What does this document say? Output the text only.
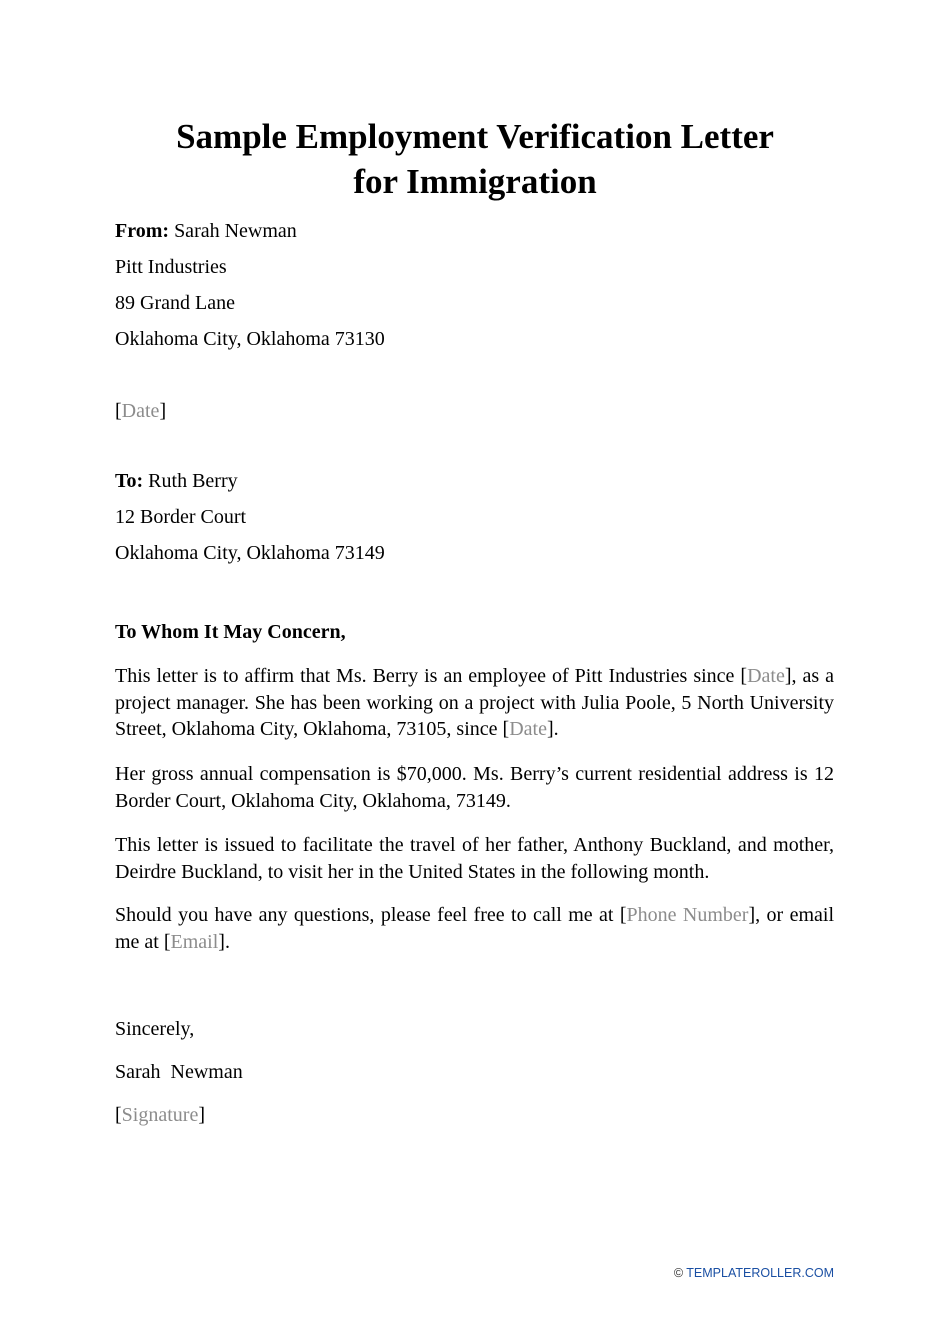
Sample Employment Verification Letter
for Immigration

From: Sarah Newman

Pitt Industries

89 Grand Lane

Oklahoma City, Oklahoma 73130

[Date]

To: Ruth Berry

12 Border Court

Oklahoma City, Oklahoma 73149

To Whom It May Concern,

This letter is to affirm that Ms. Berry is an employee of Pitt Industries since [Date], as a project manager. She has been working on a project with Julia Poole, 5 North University Street, Oklahoma City, Oklahoma, 73105, since [Date].

Her gross annual compensation is $70,000. Ms. Berry’s current residential address is 12 Border Court, Oklahoma City, Oklahoma, 73149.

This letter is issued to facilitate the travel of her father, Anthony Buckland, and mother, Deirdre Buckland, to visit her in the United States in the following month.

Should you have any questions, please feel free to call me at [Phone Number], or email me at [Email].

Sincerely,

Sarah  Newman

[Signature]

© TEMPLATEROLLER.COM
